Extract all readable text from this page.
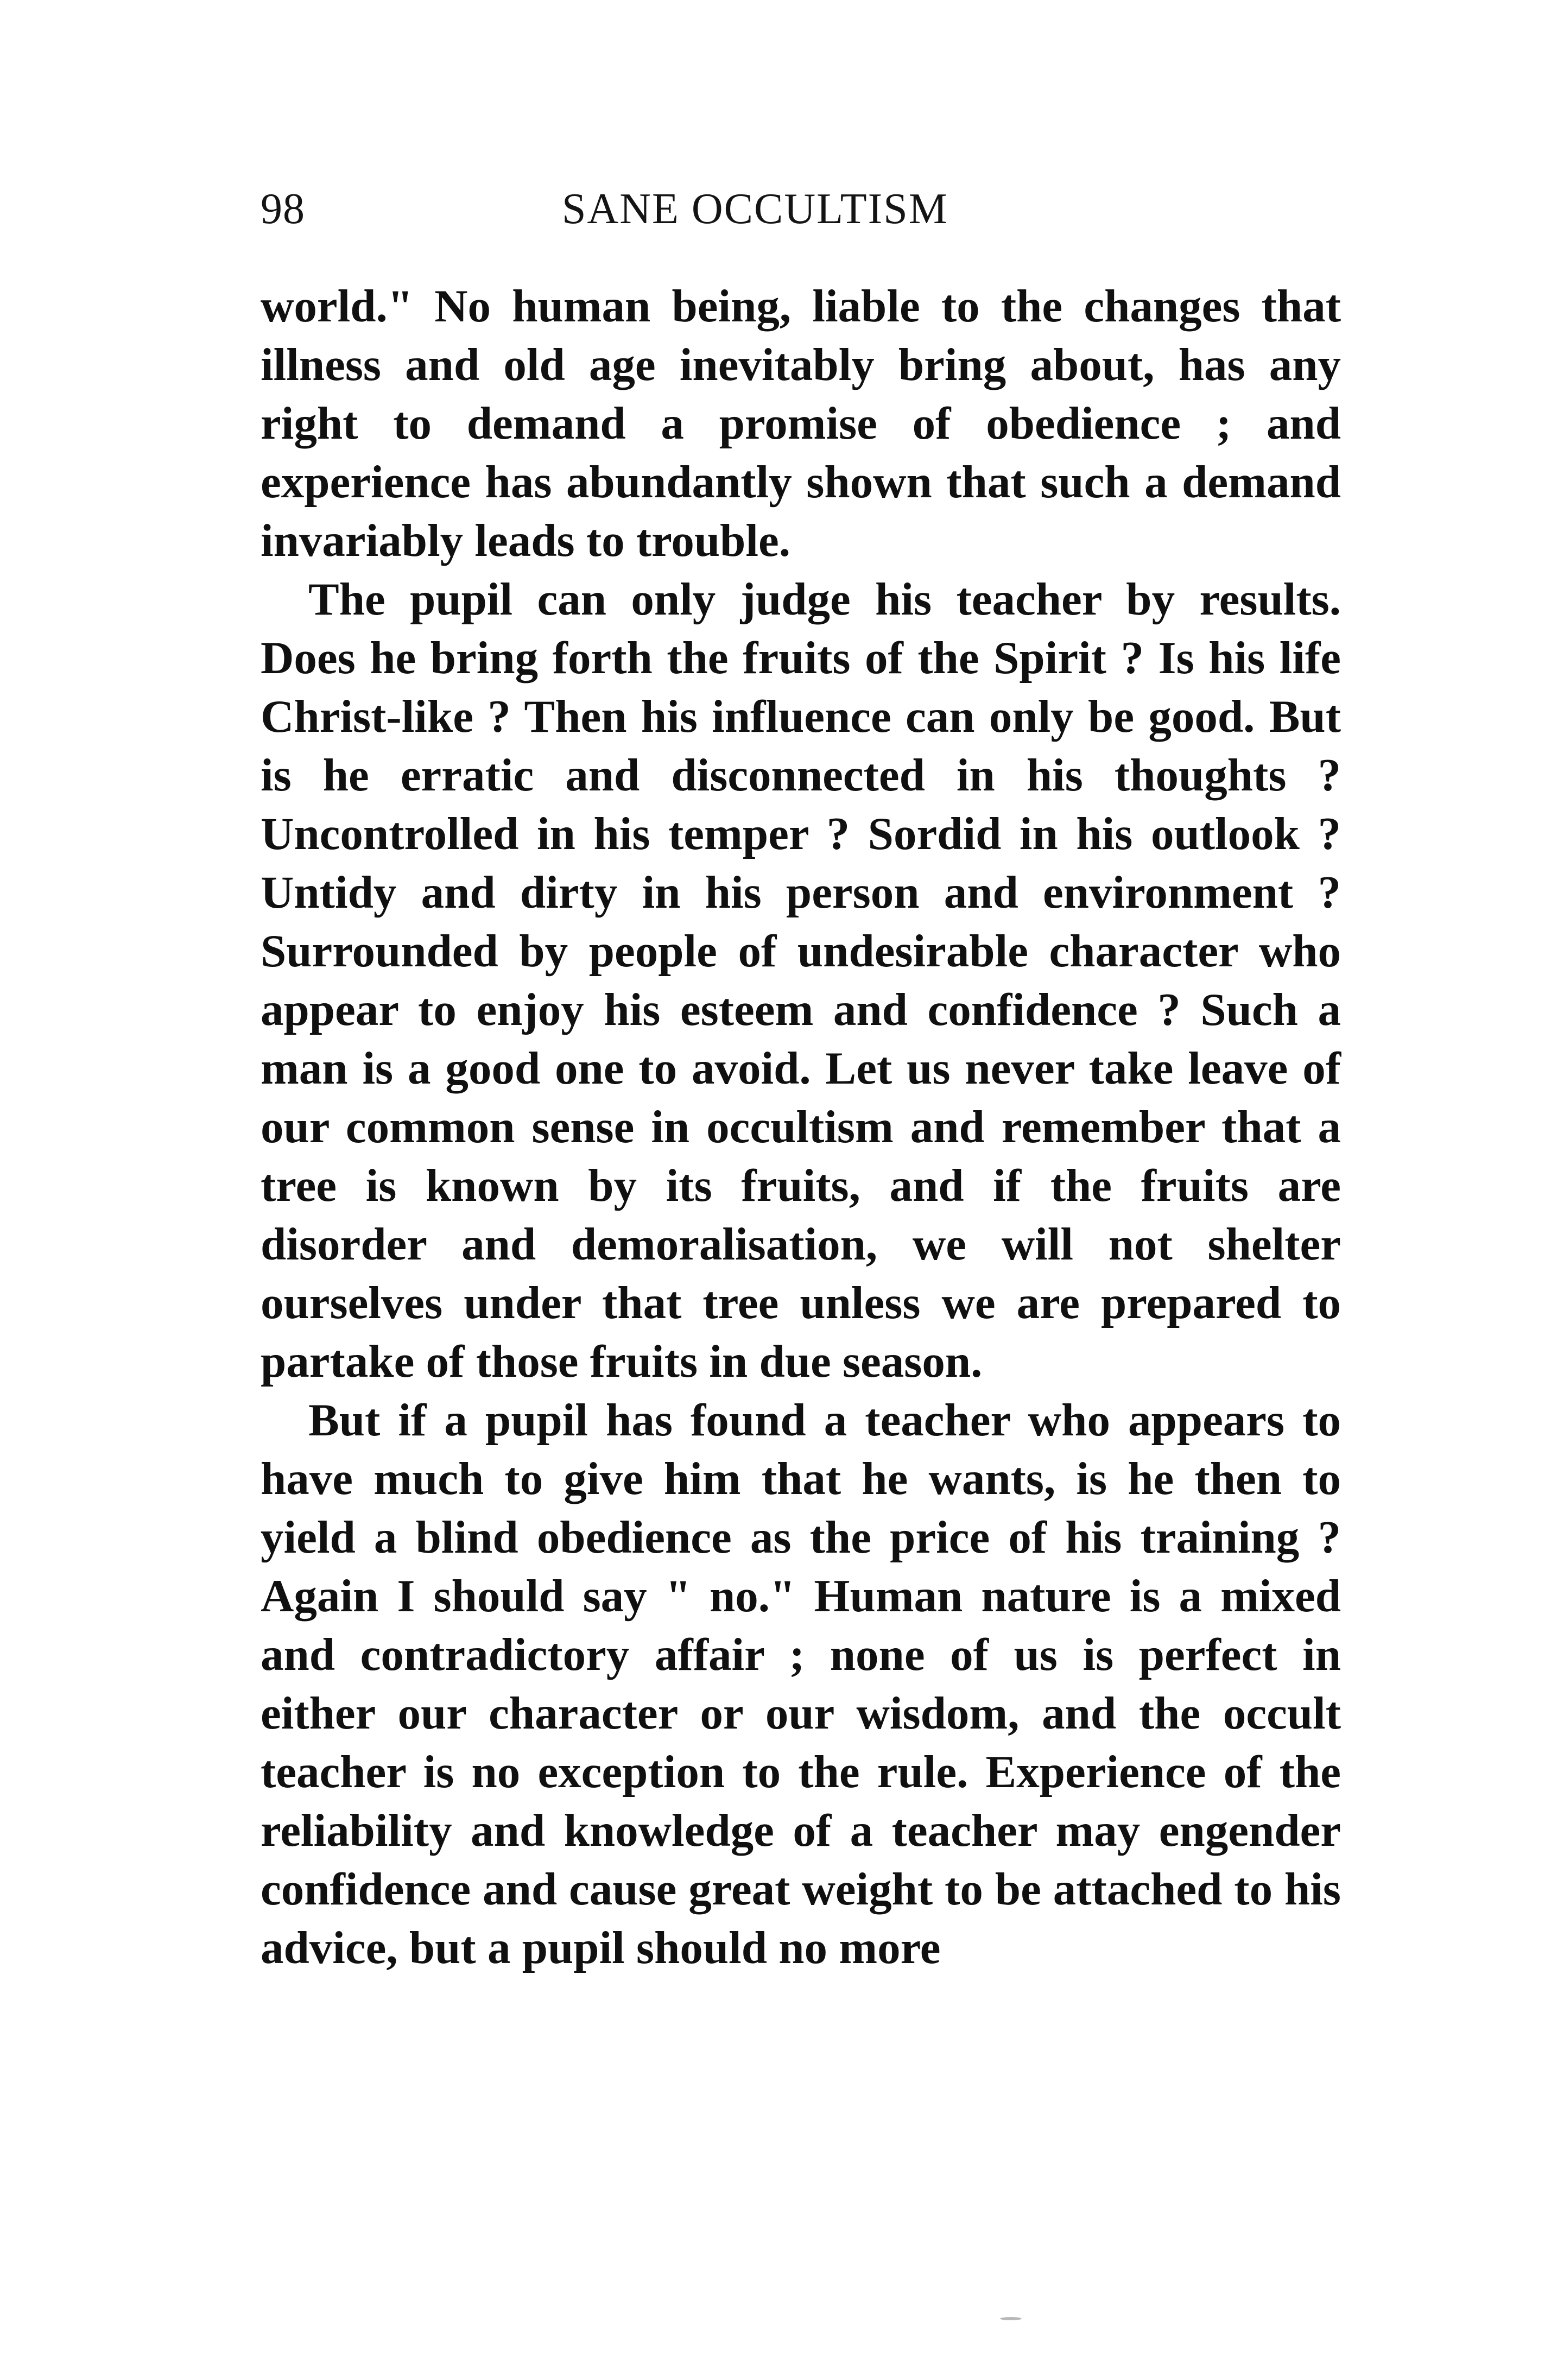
98	SANE OCCULTISM

world." No human being, liable to the changes that illness and old age inevitably bring about, has any right to demand a promise of obedience ; and experience has abundantly shown that such a demand invariably leads to trouble.

The pupil can only judge his teacher by results. Does he bring forth the fruits of the Spirit ? Is his life Christ-like ? Then his influence can only be good. But is he erratic and disconnected in his thoughts ? Uncontrolled in his temper ? Sordid in his outlook ? Untidy and dirty in his person and environment ? Surrounded by people of undesirable character who appear to enjoy his esteem and confidence ? Such a man is a good one to avoid. Let us never take leave of our common sense in occultism and remember that a tree is known by its fruits, and if the fruits are disorder and demoralisation, we will not shelter ourselves under that tree unless we are prepared to partake of those fruits in due season.

But if a pupil has found a teacher who appears to have much to give him that he wants, is he then to yield a blind obedience as the price of his training ? Again I should say " no." Human nature is a mixed and contradictory affair ; none of us is perfect in either our character or our wisdom, and the occult teacher is no exception to the rule. Experience of the reliability and knowledge of a teacher may engender confidence and cause great weight to be attached to his advice, but a pupil should no more
